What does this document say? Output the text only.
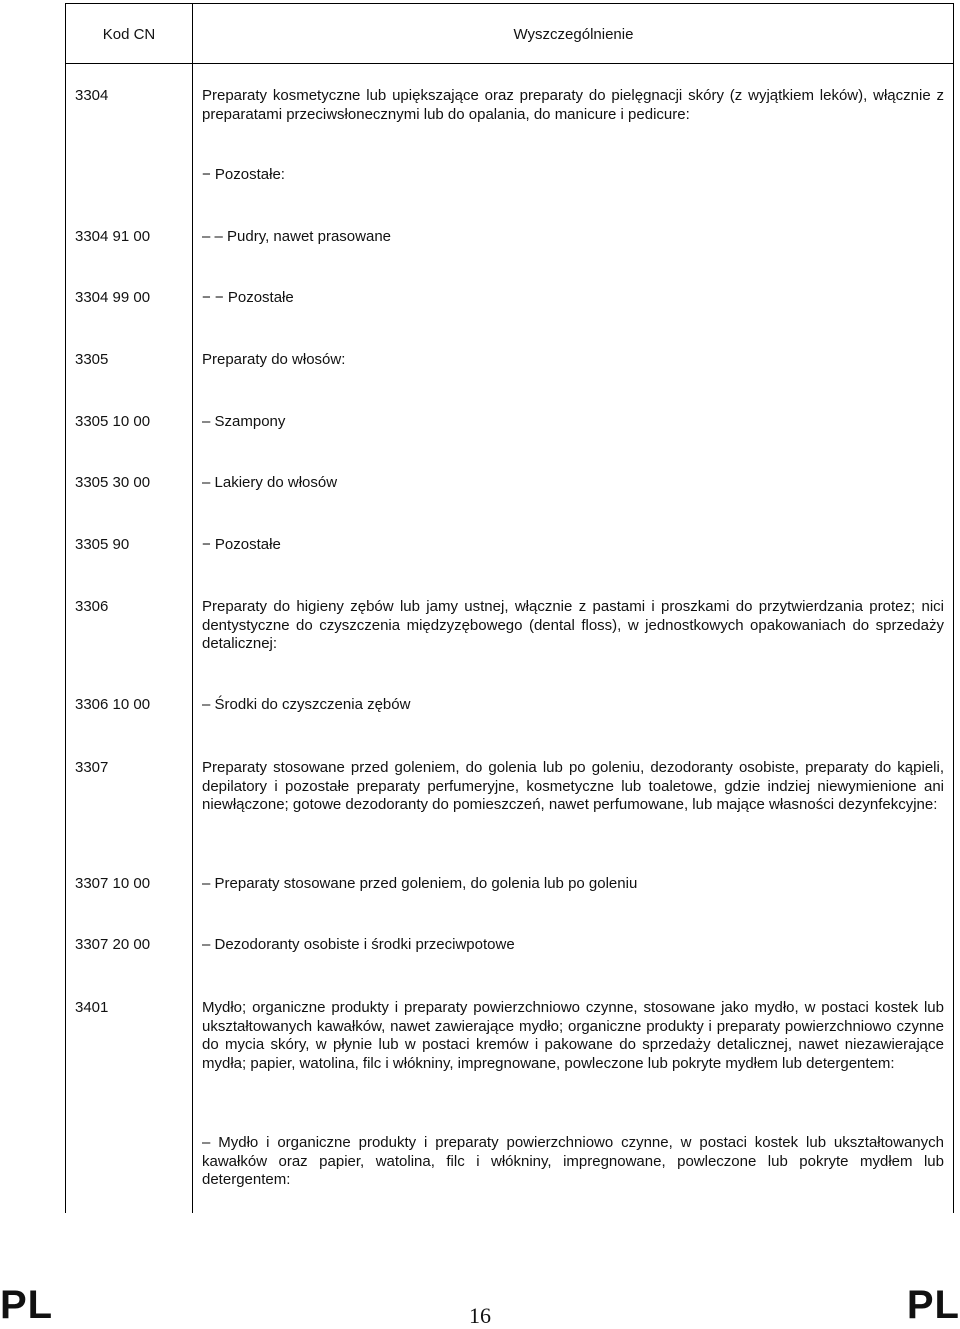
Kod CN	Wyszczególnienie
3304	Preparaty kosmetyczne lub upiększające oraz preparaty do pielęgnacji skóry (z wyjątkiem leków), włącznie z preparatami przeciwsłonecznymi lub do opalania, do manicure i pedicure:
− Pozostałe:
3304 91 00	– – Pudry, nawet prasowane
3304 99 00	− − Pozostałe
3305	Preparaty do włosów:
3305 10 00	– Szampony
3305 30 00	– Lakiery do włosów
3305 90	− Pozostałe
3306	Preparaty do higieny zębów lub jamy ustnej, włącznie z pastami i proszkami do przytwierdzania protez; nici dentystyczne do czyszczenia międzyzębowego (dental floss), w jednostkowych opakowaniach do sprzedaży detalicznej:
3306 10 00	– Środki do czyszczenia zębów
3307	Preparaty stosowane przed goleniem, do golenia lub po goleniu, dezodoranty osobiste, preparaty do kąpieli, depilatory i pozostałe preparaty perfumeryjne, kosmetyczne lub toaletowe, gdzie indziej niewymienione ani niewłączone; gotowe dezodoranty do pomieszczeń, nawet perfumowane, lub mające własności dezynfekcyjne:
3307 10 00	– Preparaty stosowane przed goleniem, do golenia lub po goleniu
3307 20 00	– Dezodoranty osobiste i środki przeciwpotowe
3401	Mydło; organiczne produkty i preparaty powierzchniowo czynne, stosowane jako mydło, w postaci kostek lub ukształtowanych kawałków, nawet zawierające mydło; organiczne produkty i preparaty powierzchniowo czynne do mycia skóry, w płynie lub w postaci kremów i pakowane do sprzedaży detalicznej, nawet niezawierające mydła; papier, watolina, filc i włókniny, impregnowane, powleczone lub pokryte mydłem lub detergentem:
– Mydło i organiczne produkty i preparaty powierzchniowo czynne, w postaci kostek lub ukształtowanych kawałków oraz papier, watolina, filc i włókniny, impregnowane, powleczone lub pokryte mydłem lub detergentem:
PL	16	PL
